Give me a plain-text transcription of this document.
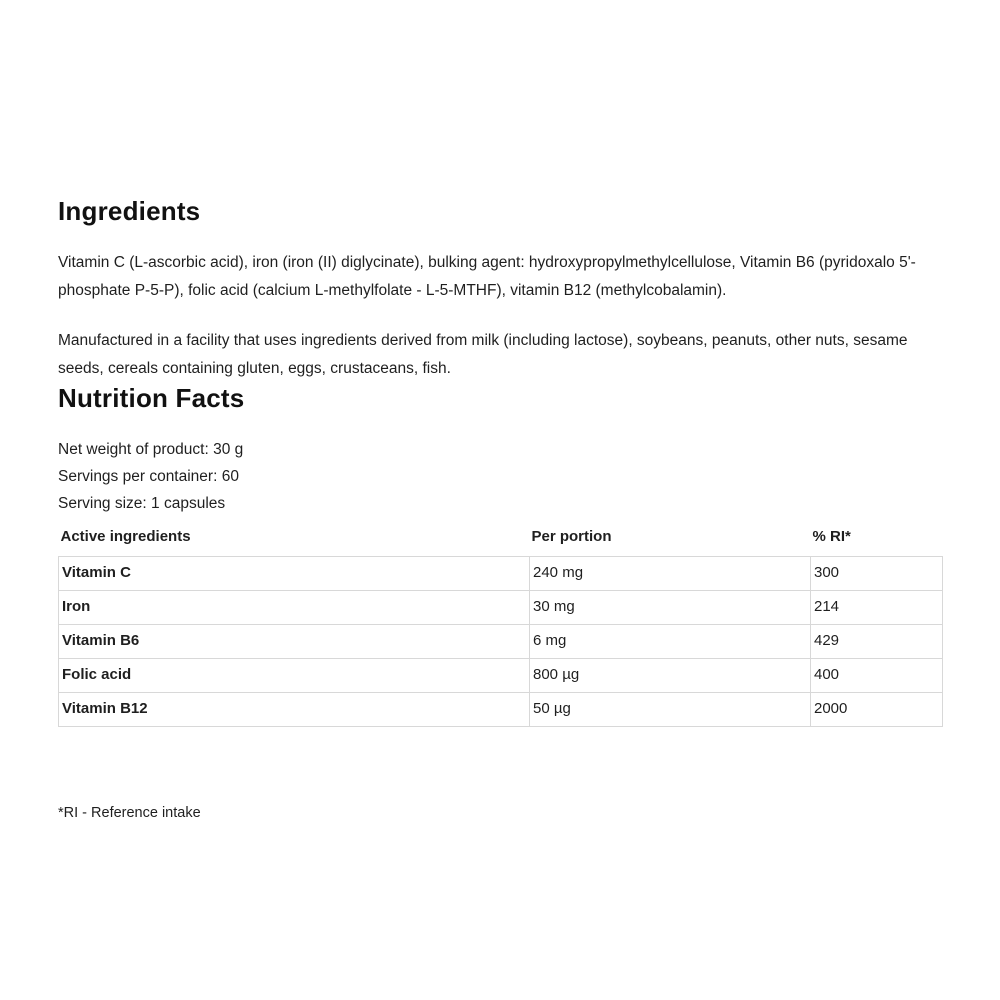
Ingredients

Vitamin C (L-ascorbic acid), iron (iron (II) diglycinate), bulking agent: hydroxypropylmethylcellulose, Vitamin B6 (pyridoxalo 5'-phosphate P-5-P), folic acid (calcium L-methylfolate - L-5-MTHF), vitamin B12 (methylcobalamin).

Manufactured in a facility that uses ingredients derived from milk (including lactose), soybeans, peanuts, other nuts, sesame seeds, cereals containing gluten, eggs, crustaceans, fish.

Nutrition Facts
Net weight of product: 30 g
Servings per container: 60
Serving size: 1 capsules
Active ingredients	Per portion	% RI*
Vitamin C	240 mg	300
Iron	30 mg	214
Vitamin B6	6 mg	429
Folic acid	800 µg	400
Vitamin B12	50 µg	2000
*RI - Reference intake
